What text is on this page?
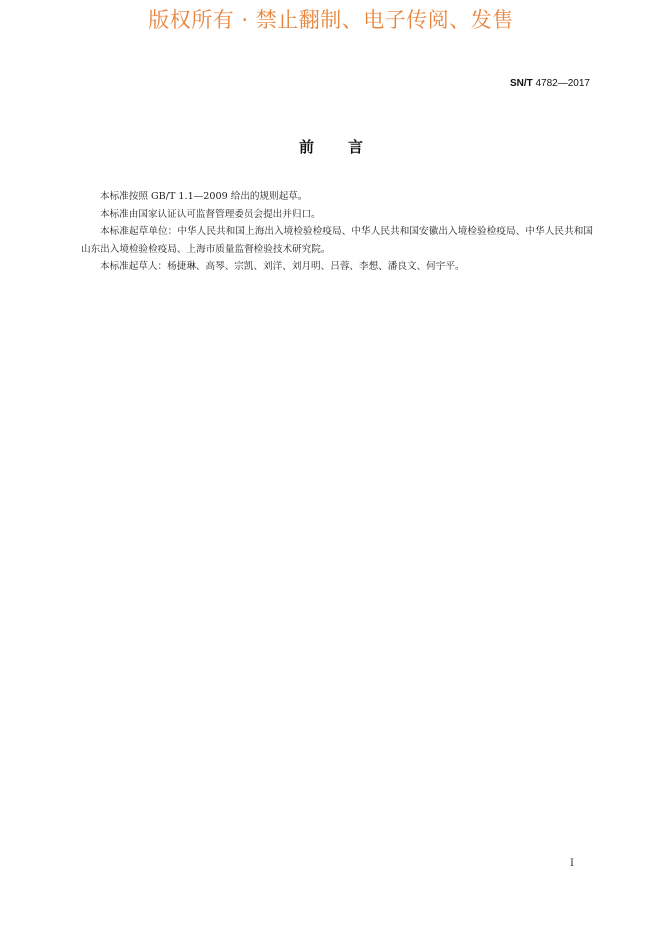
版权所有 · 禁止翻制、电子传阅、发售
SN/T 4782—2017
前言

本标准按照 GB/T 1.1—2009 给出的规则起草。

本标准由国家认证认可监督管理委员会提出并归口。

本标准起草单位：中华人民共和国上海出入境检验检疫局、中华人民共和国安徽出入境检验检疫局、中华人民共和国山东出入境检验检疫局、上海市质量监督检验技术研究院。

本标准起草人：杨捷琳、高琴、宗凯、刘洋、刘月明、吕蓉、李想、潘良文、何宇平。

I
